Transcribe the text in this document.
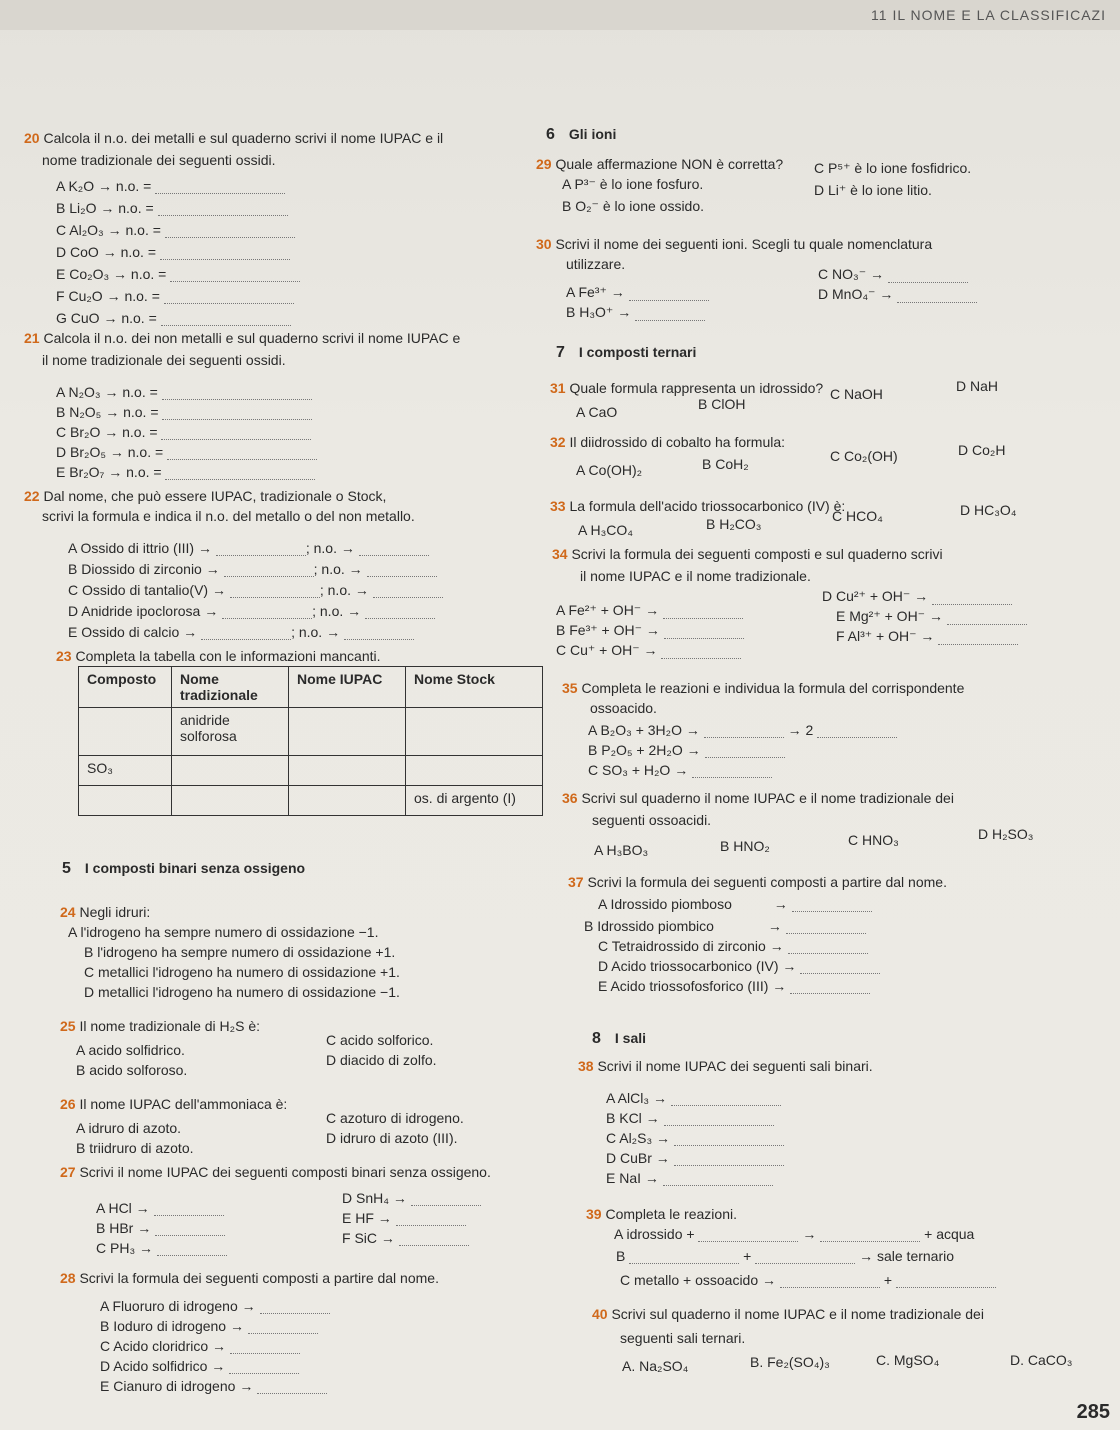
11 IL NOME E LA CLASSIFICAZI
20 Calcola il n.o. dei metalli e sul quaderno scrivi il nome IUPAC e il
nome tradizionale dei seguenti ossidi.
A K₂O → n.o. =
B Li₂O → n.o. =
C Al₂O₃ → n.o. =
D CoO → n.o. =
E Co₂O₃ → n.o. =
F Cu₂O → n.o. =
G CuO → n.o. =
21 Calcola il n.o. dei non metalli e sul quaderno scrivi il nome IUPAC e
il nome tradizionale dei seguenti ossidi.
A N₂O₃ → n.o. =
B N₂O₅ → n.o. =
C Br₂O → n.o. =
D Br₂O₅ → n.o. =
E Br₂O₇ → n.o. =
22 Dal nome, che può essere IUPAC, tradizionale o Stock,
scrivi la formula e indica il n.o. del metallo o del non metallo.
A Ossido di ittrio (III) →	; n.o. →
B Diossido di zirconio →	; n.o. →
C Ossido di tantalio(V) →	; n.o. →
D Anidride ipoclorosa →	; n.o. →
E Ossido di calcio →	; n.o. →
23 Completa la tabella con le informazioni mancanti.
Composto	Nome tradizionale	Nome IUPAC	Nome Stock
	anidride solforosa		
SO₃			
			os. di argento (I)
5 I composti binari senza ossigeno
24 Negli idruri:
A l'idrogeno ha sempre numero di ossidazione −1.
B l'idrogeno ha sempre numero di ossidazione +1.
C metallici l'idrogeno ha numero di ossidazione +1.
D metallici l'idrogeno ha numero di ossidazione −1.
25 Il nome tradizionale di H₂S è:
A acido solfidrico.
B acido solforoso.
C acido solforico.
D diacido di zolfo.
26 Il nome IUPAC dell'ammoniaca è:
A idruro di azoto.
B triidruro di azoto.
C azoturo di idrogeno.
D idruro di azoto (III).
27 Scrivi il nome IUPAC dei seguenti composti binari senza ossigeno.
A HCl →
B HBr →
C PH₃ →
D SnH₄ →
E HF →
F SiC →
28 Scrivi la formula dei seguenti composti a partire dal nome.
A Fluoruro di idrogeno →
B Ioduro di idrogeno →
C Acido cloridrico →
D Acido solfidrico →
E Cianuro di idrogeno →
6 Gli ioni
29 Quale affermazione NON è corretta?
A P³⁻ è lo ione fosfuro.
B O₂⁻ è lo ione ossido.
C P⁵⁺ è lo ione fosfidrico.
D Li⁺ è lo ione litio.
30 Scrivi il nome dei seguenti ioni. Scegli tu quale nomenclatura
utilizzare.
A Fe³⁺ →
B H₃O⁺ →
C NO₃⁻ →
D MnO₄⁻ →
7 I composti ternari
31 Quale formula rappresenta un idrossido?
A CaO	B ClOH
C NaOH	D NaH
32 Il diidrossido di cobalto ha formula:
A Co(OH)₂	B CoH₂	C Co₂(OH)	D Co₂H
33 La formula dell'acido triossocarbonico (IV) è:
A H₃CO₄	B H₂CO₃	C HCO₄	D HC₃O₄
34 Scrivi la formula dei seguenti composti e sul quaderno scrivi
il nome IUPAC e il nome tradizionale.
A Fe²⁺ + OH⁻ →
B Fe³⁺ + OH⁻ →
C Cu⁺ + OH⁻ →
D Cu²⁺ + OH⁻ →
E Mg²⁺ + OH⁻ →
F Al³⁺ + OH⁻ →
35 Completa le reazioni e individua la formula del corrispondente
ossoacido.
A B₂O₃ + 3H₂O →	→ 2
B P₂O₅ + 2H₂O →
C SO₃ + H₂O →
36 Scrivi sul quaderno il nome IUPAC e il nome tradizionale dei
seguenti ossoacidi.
A H₃BO₃	B HNO₂	C HNO₃	D H₂SO₃
37 Scrivi la formula dei seguenti composti a partire dal nome.
A Idrossido piomboso	→
B Idrossido piombico	→
C Tetraidrossido di zirconio →
D Acido triossocarbonico (IV) →
E Acido triossofosforico (III) →
8 I sali
38 Scrivi il nome IUPAC dei seguenti sali binari.
A AlCl₃ →
B KCl →
C Al₂S₃ →
D CuBr →
E NaI →
39 Completa le reazioni.
A idrossido +	→	+ acqua
B	+	→ sale ternario
C metallo + ossoacido →	+
40 Scrivi sul quaderno il nome IUPAC e il nome tradizionale dei
seguenti sali ternari.
A. Na₂SO₄	B. Fe₂(SO₄)₃	C. MgSO₄	D. CaCO₃
285
